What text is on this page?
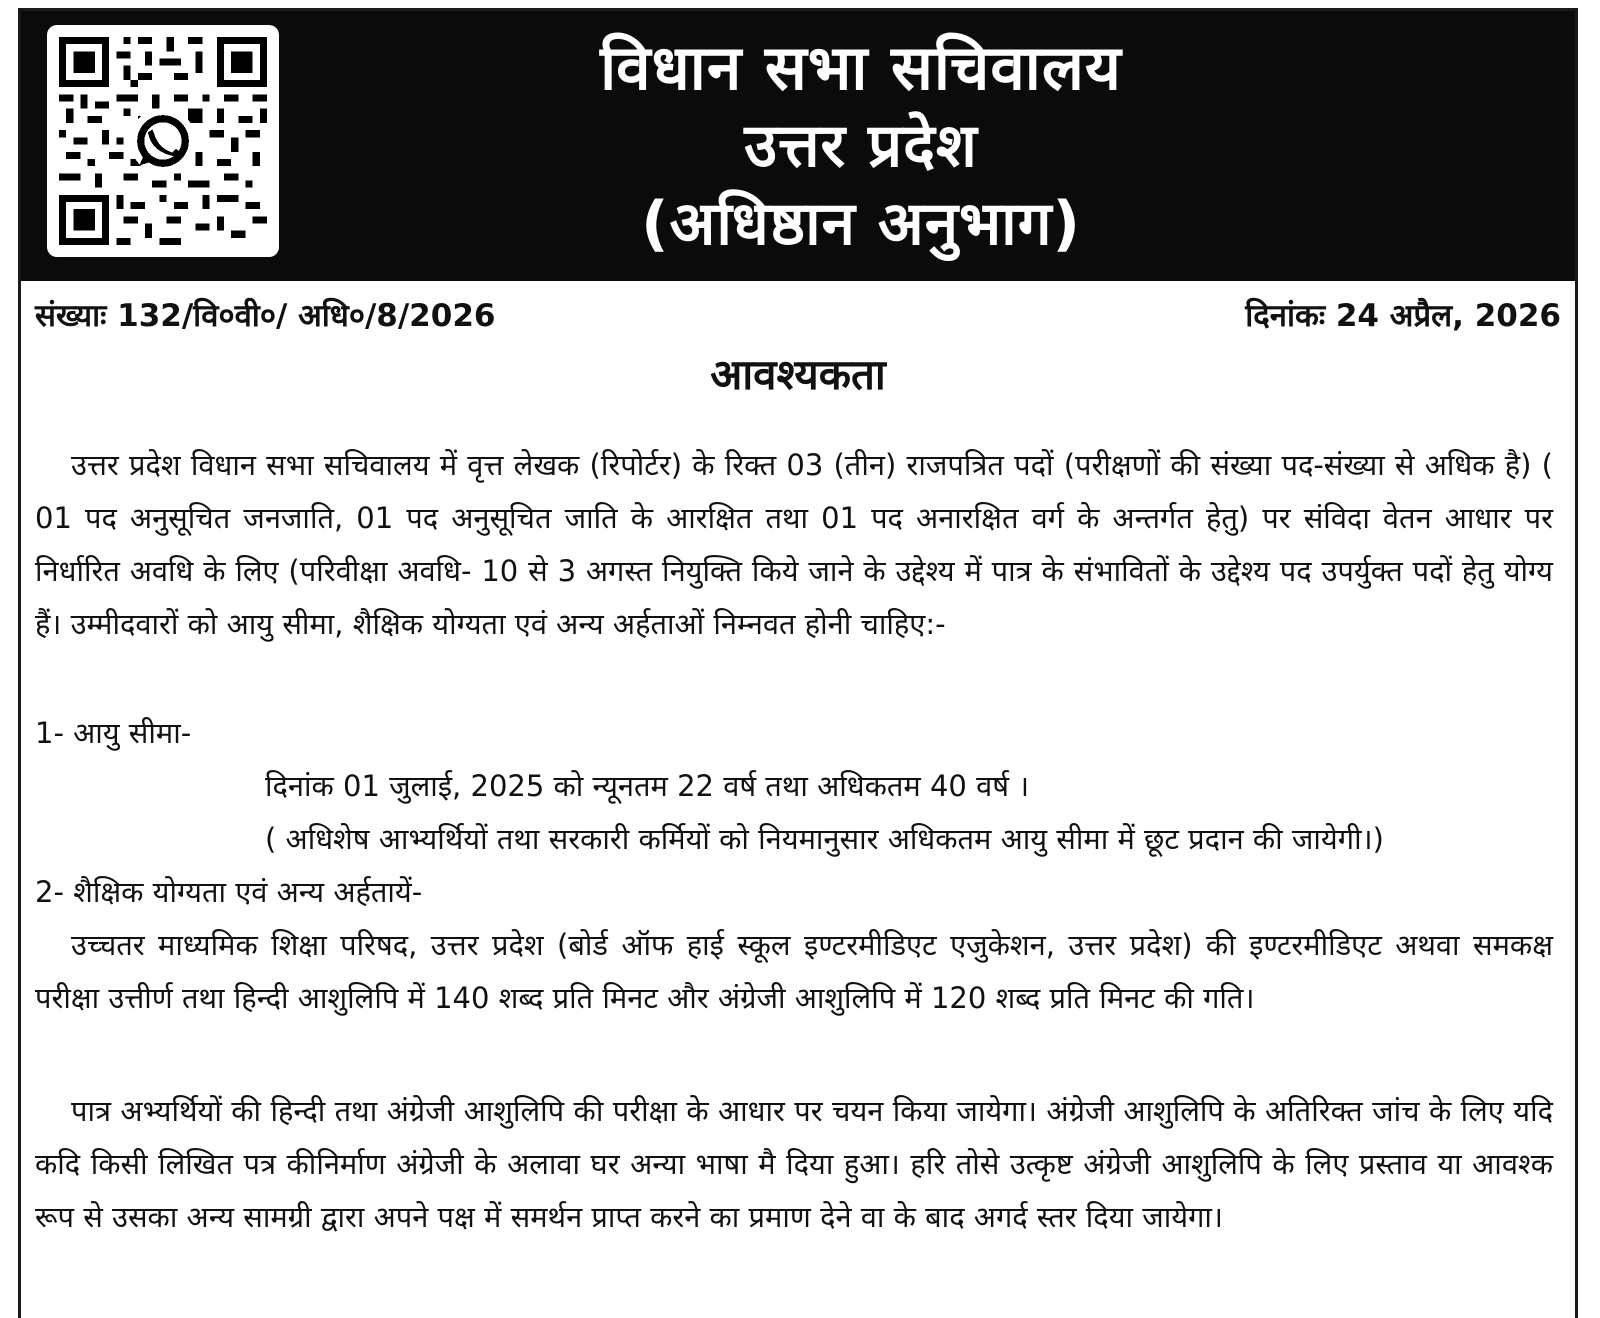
विधान सभा सचिवालय
उत्तर प्रदेश
(अधिष्ठान अनुभाग)
संख्याः 132/वि०वी०/ अधि०/8/2026	दिनांकः 24 अप्रैल, 2026
आवश्यकता
उत्तर प्रदेश विधान सभा सचिवालय में वृत्त लेखक (रिपोर्टर) के रिक्त 03 (तीन) राजपत्रित पदों (परीक्षणों की संख्या पद-संख्या से अधिक है) ( 01 पद अनुसूचित जनजाति, 01 पद अनुसूचित जाति के आरक्षित तथा 01 पद अनारक्षित वर्ग के अन्तर्गत हेतु) पर संविदा वेतन आधार पर निर्धारित अवधि के लिए (परिवीक्षा अवधि- 10 से 3 अगस्त नियुक्ति किये जाने के उद्देश्य में पात्र के संभावितों के उद्देश्य पद उपर्युक्त पदों हेतु योग्य हैं। उम्मीदवारों को आयु सीमा, शैक्षिक योग्यता एवं अन्य अर्हताओं निम्नवत होनी चाहिए:-
1- आयु सीमा-
दिनांक 01 जुलाई, 2025 को न्यूनतम 22 वर्ष तथा अधिकतम 40 वर्ष ।
( अधिशेष आभ्यर्थियों तथा सरकारी कर्मियों को नियमानुसार अधिकतम आयु सीमा में छूट प्रदान की जायेगी।)
2- शैक्षिक योग्यता एवं अन्य अर्हतायें-
उच्चतर माध्यमिक शिक्षा परिषद, उत्तर प्रदेश (बोर्ड ऑफ हाई स्कूल इण्टरमीडिएट एजुकेशन, उत्तर प्रदेश) की इण्टरमीडिएट अथवा समकक्ष परीक्षा उत्तीर्ण तथा हिन्दी आशुलिपि में 140 शब्द प्रति मिनट और अंग्रेजी आशुलिपि में 120 शब्द प्रति मिनट की गति।
पात्र अभ्यर्थियों की हिन्दी तथा अंग्रेजी आशुलिपि की परीक्षा के आधार पर चयन किया जायेगा। अंग्रेजी आशुलिपि के अतिरिक्त जांच के लिए यदि कदि किसी लिखित पत्र कीनिर्माण अंग्रेजी के अलावा घर अन्या भाषा मै दिया हुआ। हरि तोसे उत्कृष्ट अंग्रेजी आशुलिपि के लिए प्रस्ताव या आवश्क रूप से उसका अन्य सामग्री द्वारा अपने पक्ष में समर्थन प्राप्त करने का प्रमाण देने वा के बाद अगर्द स्तर दिया जायेगा।
